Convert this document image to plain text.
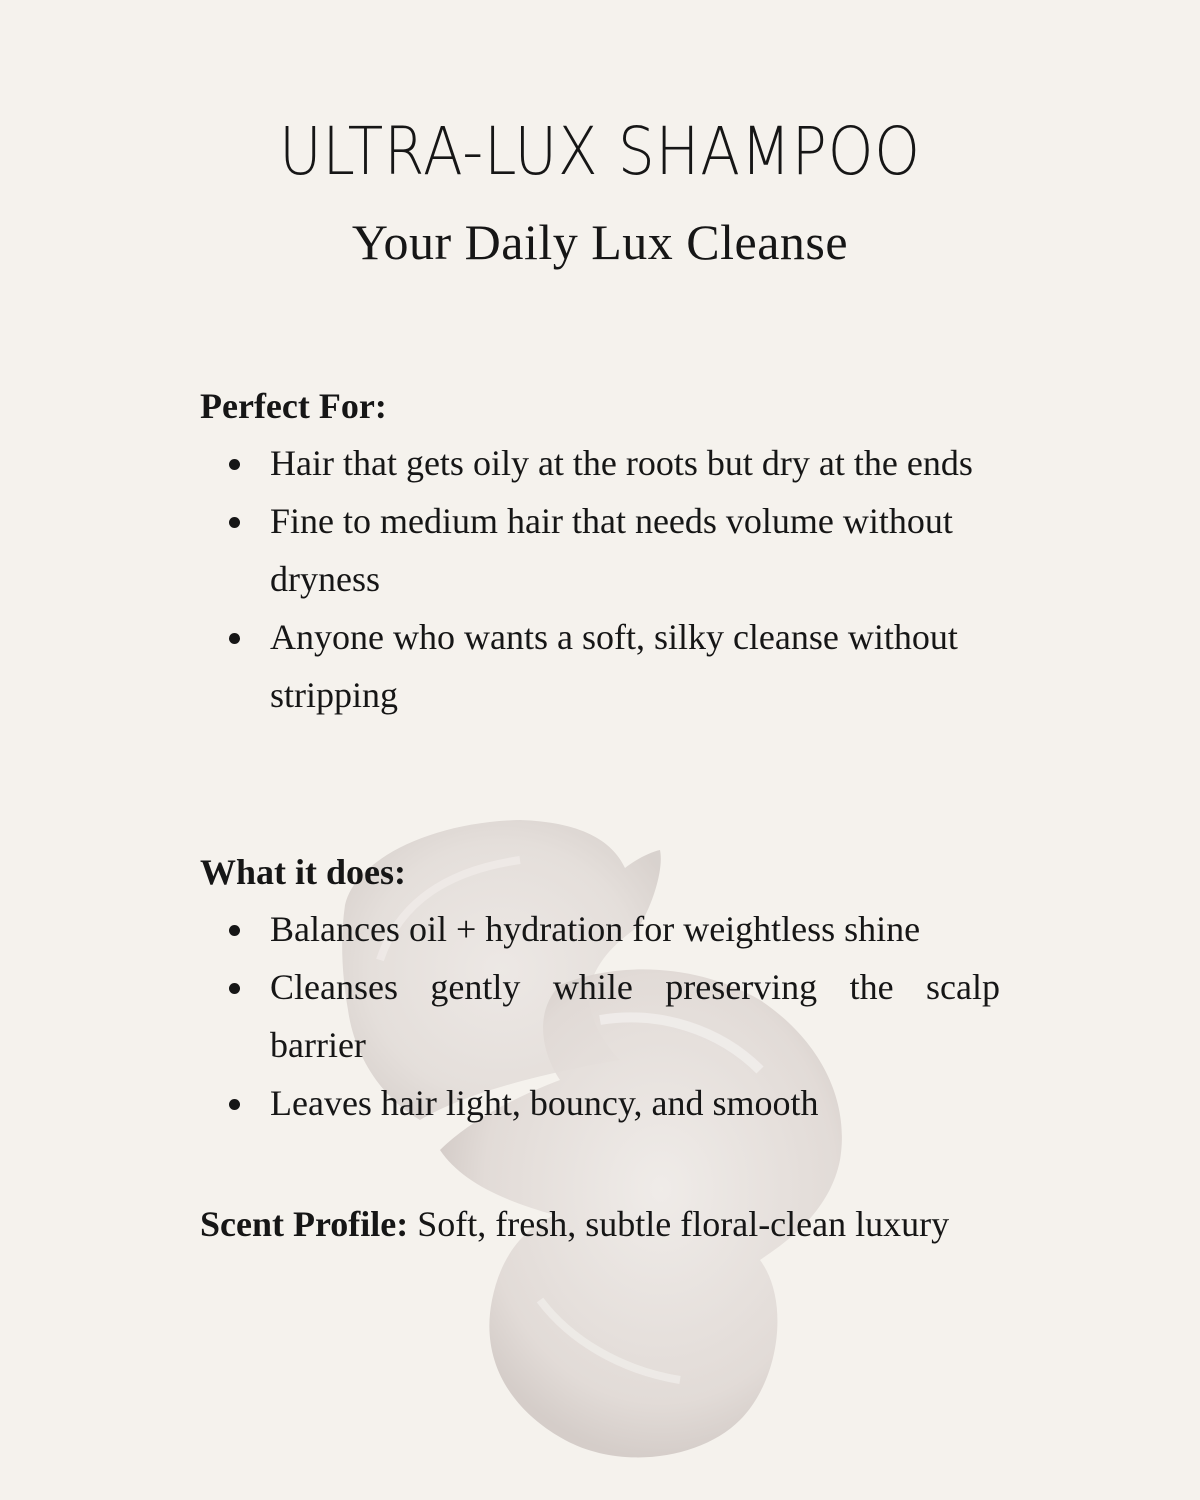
ULTRA-LUX SHAMPOO
Your Daily Lux Cleanse
Perfect For:
Hair that gets oily at the roots but dry at the ends
Fine to medium hair that needs volume without dryness
Anyone who wants a soft, silky cleanse without stripping
What it does:
Balances oil + hydration for weightless shine
Cleanses gently while preserving the scalp
barrier
Leaves hair light, bouncy, and smooth
Scent Profile: Soft, fresh, subtle floral-clean luxury
